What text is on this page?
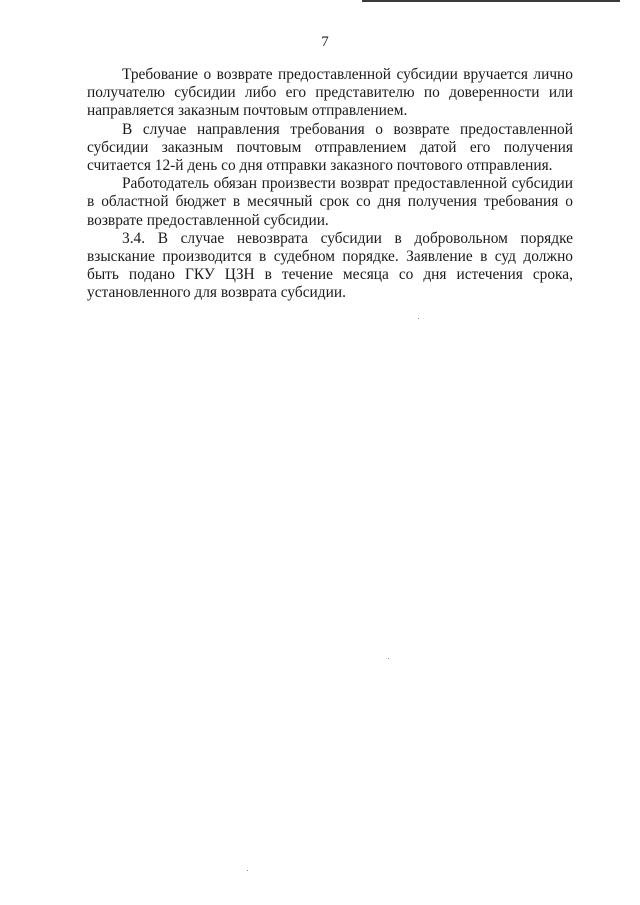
7

Требование о возврате предоставленной субсидии вручается лично получателю субсидии либо его представителю по доверенности или направляется заказным почтовым отправлением.

В случае направления требования о возврате предоставленной субсидии заказным почтовым отправлением датой его получения считается 12-й день со дня отправки заказного почтового отправления.

Работодатель обязан произвести возврат предоставленной субсидии в областной бюджет в месячный срок со дня получения требования о возврате предоставленной субсидии.

3.4. В случае невозврата субсидии в добровольном порядке взыскание производится в судебном порядке. Заявление в суд должно быть подано ГКУ ЦЗН в течение месяца со дня истечения срока, установленного для возврата субсидии.
